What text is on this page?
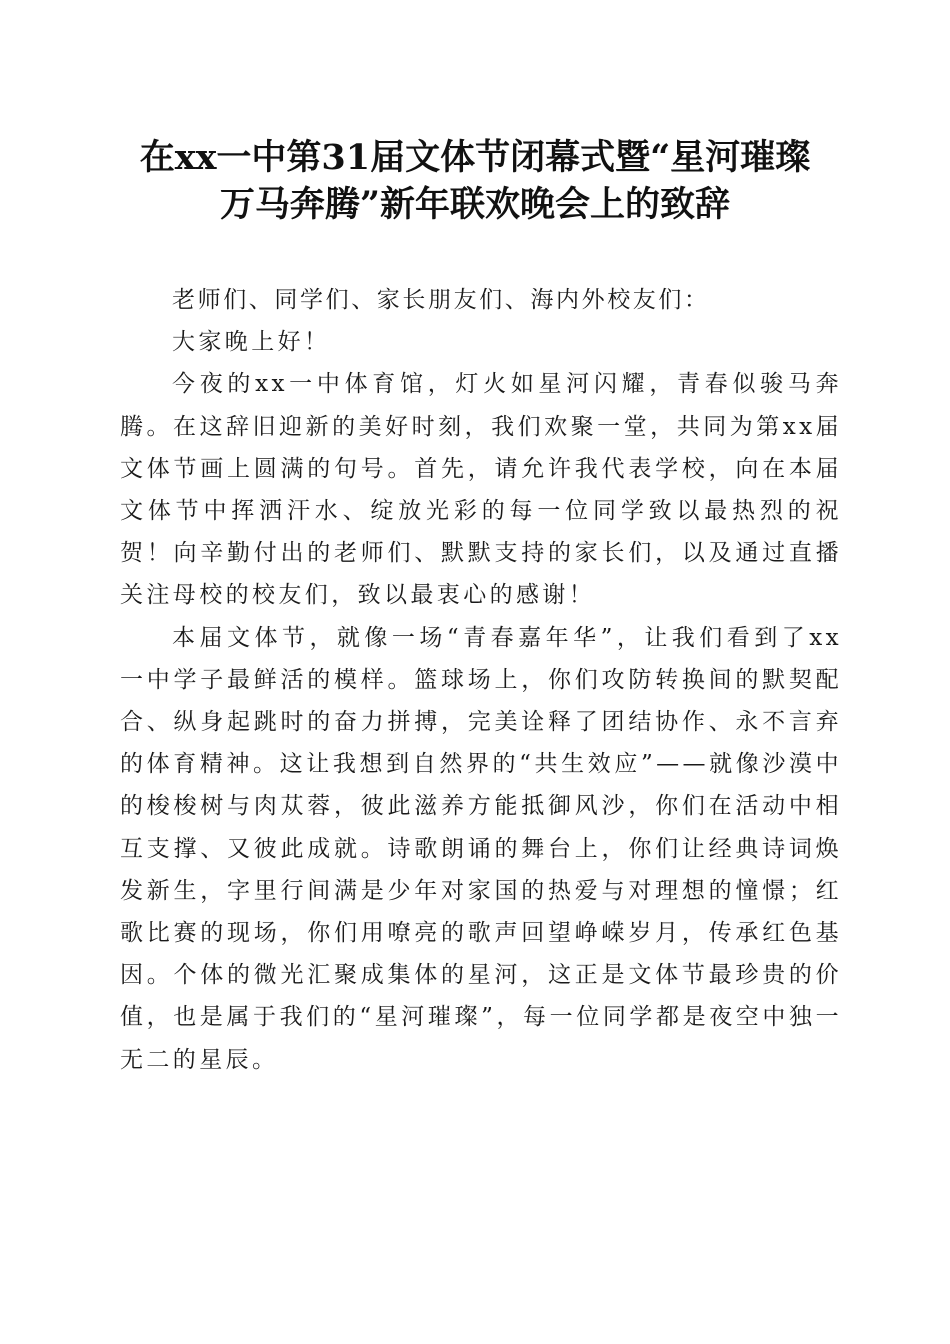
在xx一中第31届文体节闭幕式暨“星河璀璨
万马奔腾”新年联欢晚会上的致辞

老师们、同学们、家长朋友们、海内外校友们：

大家晚上好！

今夜的xx一中体育馆，灯火如星河闪耀，青春似骏马奔腾。在这辞旧迎新的美好时刻，我们欢聚一堂，共同为第xx届文体节画上圆满的句号。首先，请允许我代表学校，向在本届文体节中挥洒汗水、绽放光彩的每一位同学致以最热烈的祝贺！向辛勤付出的老师们、默默支持的家长们，以及通过直播关注母校的校友们，致以最衷心的感谢！

本届文体节，就像一场“青春嘉年华”，让我们看到了xx一中学子最鲜活的模样。篮球场上，你们攻防转换间的默契配合、纵身起跳时的奋力拼搏，完美诠释了团结协作、永不言弃的体育精神。这让我想到自然界的“共生效应”——就像沙漠中的梭梭树与肉苁蓉，彼此滋养方能抵御风沙，你们在活动中相互支撑、又彼此成就。诗歌朗诵的舞台上，你们让经典诗词焕发新生，字里行间满是少年对家国的热爱与对理想的憧憬；红歌比赛的现场，你们用嘹亮的歌声回望峥嵘岁月，传承红色基因。个体的微光汇聚成集体的星河，这正是文体节最珍贵的价值，也是属于我们的“星河璀璨”，每一位同学都是夜空中独一无二的星辰。
